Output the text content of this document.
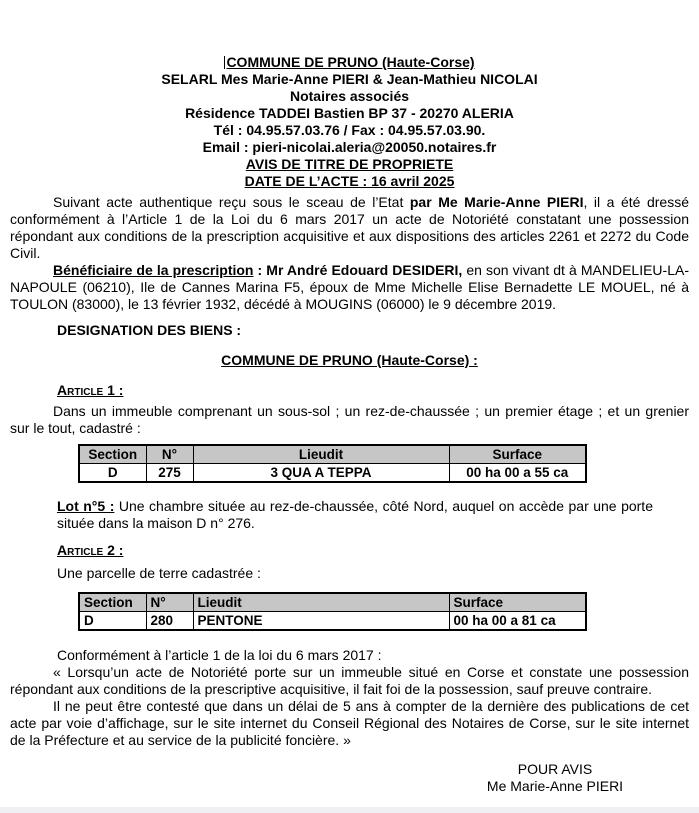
COMMUNE DE PRUNO (Haute-Corse)
SELARL Mes Marie-Anne PIERI & Jean-Mathieu NICOLAI
Notaires associés
Résidence TADDEI Bastien BP 37 - 20270 ALERIA
Tél : 04.95.57.03.76 / Fax : 04.95.57.03.90.
Email : pieri-nicolai.aleria@20050.notaires.fr
AVIS DE TITRE DE PROPRIETE
DATE DE L’ACTE : 16 avril 2025

Suivant acte authentique reçu sous le sceau de l’Etat par Me Marie-Anne PIERI, il a été dressé conformément à l’Article 1 de la Loi du 6 mars 2017 un acte de Notoriété constatant une possession répondant aux conditions de la prescription acquisitive et aux dispositions des articles 2261 et 2272 du Code Civil.

Bénéficiaire de la prescription : Mr André Edouard DESIDERI, en son vivant dt à MANDELIEU-LA-NAPOULE (06210), Ile de Cannes Marina F5, époux de Mme Michelle Elise Bernadette LE MOUEL, né à TOULON (83000), le 13 février 1932, décédé à MOUGINS (06000) le 9 décembre 2019.

DESIGNATION DES BIENS :

COMMUNE DE PRUNO (Haute-Corse) :

Article 1 :

Dans un immeuble comprenant un sous-sol ; un rez-de-chaussée ; un premier étage ; et un grenier sur le tout, cadastré :

Section	N°	Lieudit	Surface
D	275	3 QUA A TEPPA	00 ha 00 a 55 ca

Lot n°5 : Une chambre située au rez-de-chaussée, côté Nord, auquel on accède par une porte située dans la maison D n° 276.

Article 2 :

Une parcelle de terre cadastrée :

Section	N°	Lieudit	Surface
D	280	PENTONE	00 ha 00 a 81 ca

Conformément à l’article 1 de la loi du 6 mars 2017 :

« Lorsqu’un acte de Notoriété porte sur un immeuble situé en Corse et constate une possession répondant aux conditions de la prescriptive acquisitive, il fait foi de la possession, sauf preuve contraire.

Il ne peut être contesté que dans un délai de 5 ans à compter de la dernière des publications de cet acte par voie d’affichage, sur le site internet du Conseil Régional des Notaires de Corse, sur le site internet de la Préfecture et au service de la publicité foncière. »

POUR AVIS
Me Marie-Anne PIERI
